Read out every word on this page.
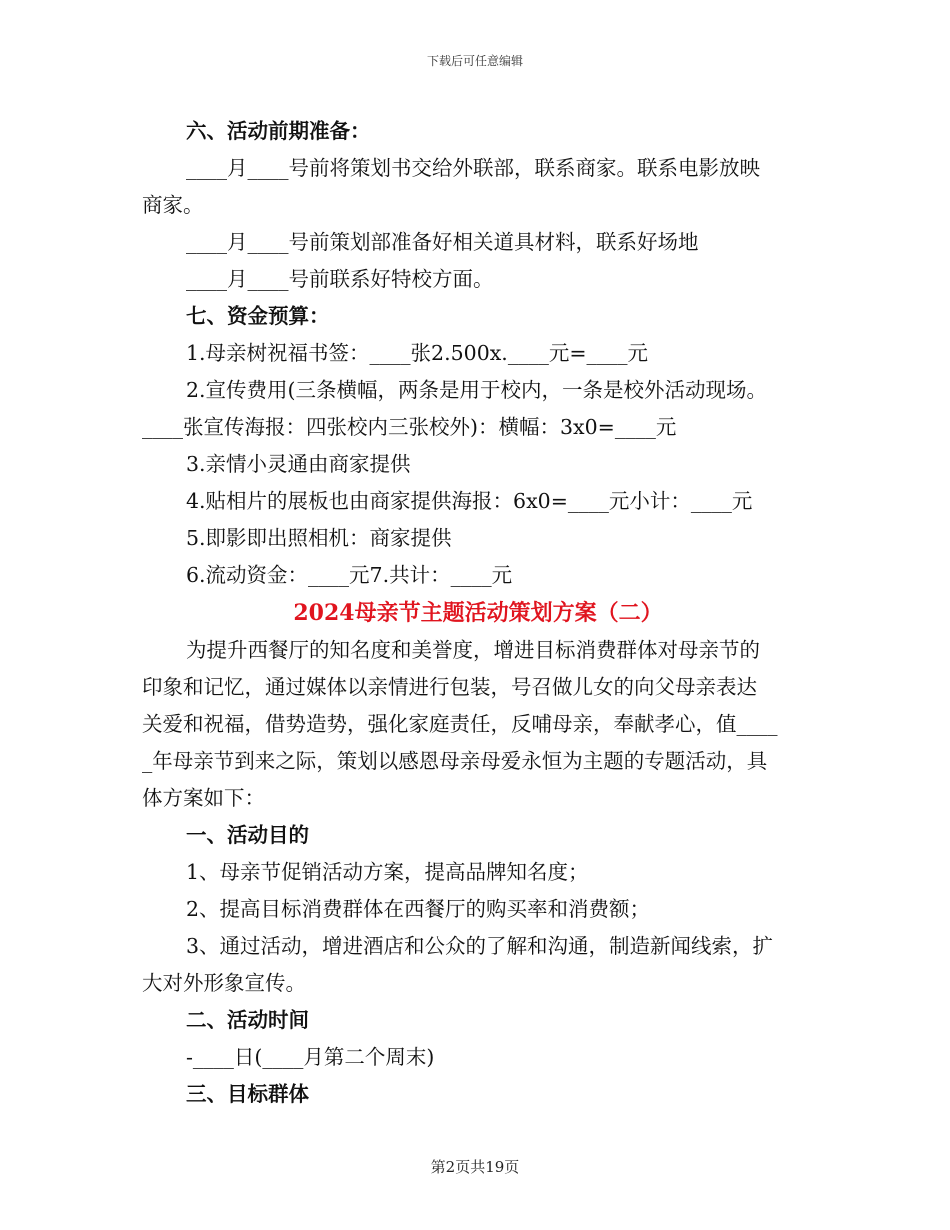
下载后可任意编辑

六、活动前期准备：

____月____号前将策划书交给外联部，联系商家。联系电影放映

商家。

____月____号前策划部准备好相关道具材料，联系好场地

____月____号前联系好特校方面。

七、资金预算：

1.母亲树祝福书签：____张2.500x.____元=____元

2.宣传费用(三条横幅，两条是用于校内，一条是校外活动现场。

____张宣传海报：四张校内三张校外)：横幅：3x0=____元

3.亲情小灵通由商家提供

4.贴相片的展板也由商家提供海报：6x0=____元小计：____元

5.即影即出照相机：商家提供

6.流动资金：____元7.共计：____元

2024母亲节主题活动策划方案（二）

为提升西餐厅的知名度和美誉度，增进目标消费群体对母亲节的

印象和记忆，通过媒体以亲情进行包装，号召做儿女的向父母亲表达

关爱和祝福，借势造势，强化家庭责任，反哺母亲，奉献孝心，值____

_年母亲节到来之际，策划以感恩母亲母爱永恒为主题的专题活动，具

体方案如下：

一、活动目的

1、母亲节促销活动方案，提高品牌知名度；

2、提高目标消费群体在西餐厅的购买率和消费额；

3、通过活动，增进酒店和公众的了解和沟通，制造新闻线索，扩

大对外形象宣传。

二、活动时间

-____日(____月第二个周末)

三、目标群体

第2页共19页
